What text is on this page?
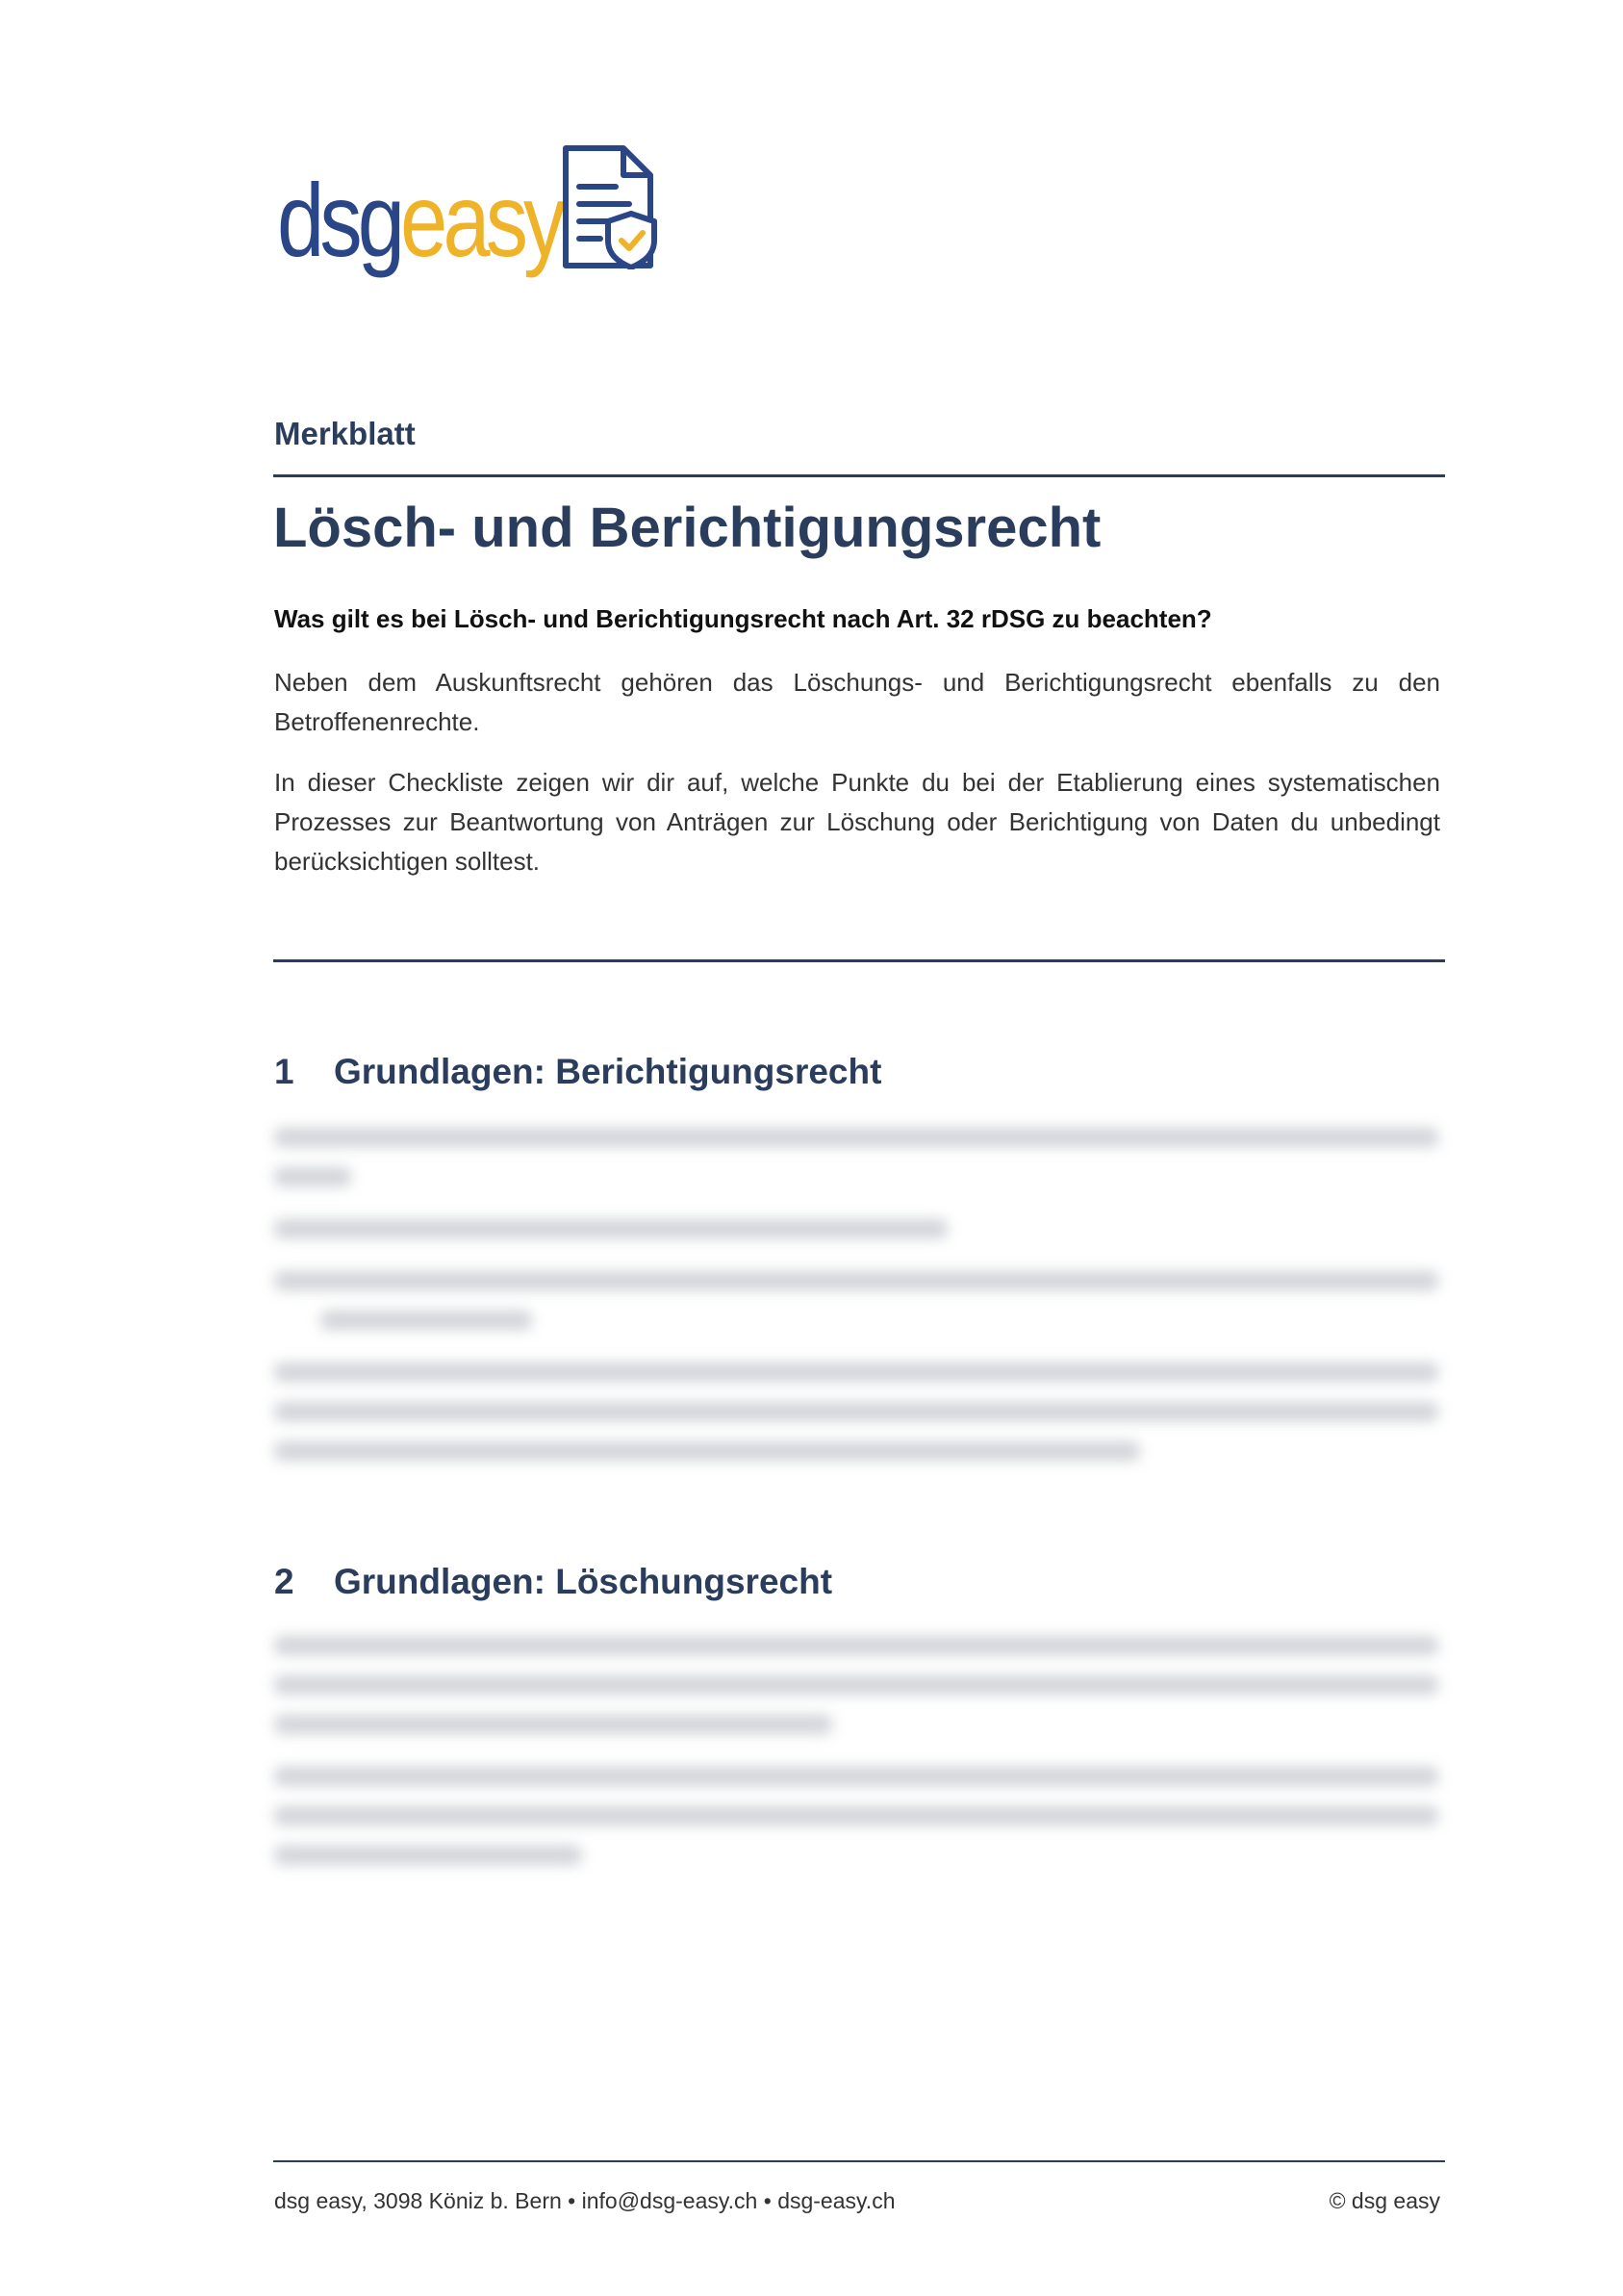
dsgeasy
Merkblatt
Lösch- und Berichtigungsrecht
Was gilt es bei Lösch- und Berichtigungsrecht nach Art. 32 rDSG zu beachten?
Neben dem Auskunftsrecht gehören das Löschungs- und Berichtigungsrecht ebenfalls zu den Betroffenenrechte.
In dieser Checkliste zeigen wir dir auf, welche Punkte du bei der Etablierung eines systematischen Prozesses zur Beantwortung von Anträgen zur Löschung oder Berichtigung von Daten du unbedingt berücksichtigen solltest.
1 Grundlagen: Berichtigungsrecht
2 Grundlagen: Löschungsrecht
dsg easy, 3098 Köniz b. Bern • info@dsg-easy.ch • dsg-easy.ch	© dsg easy
